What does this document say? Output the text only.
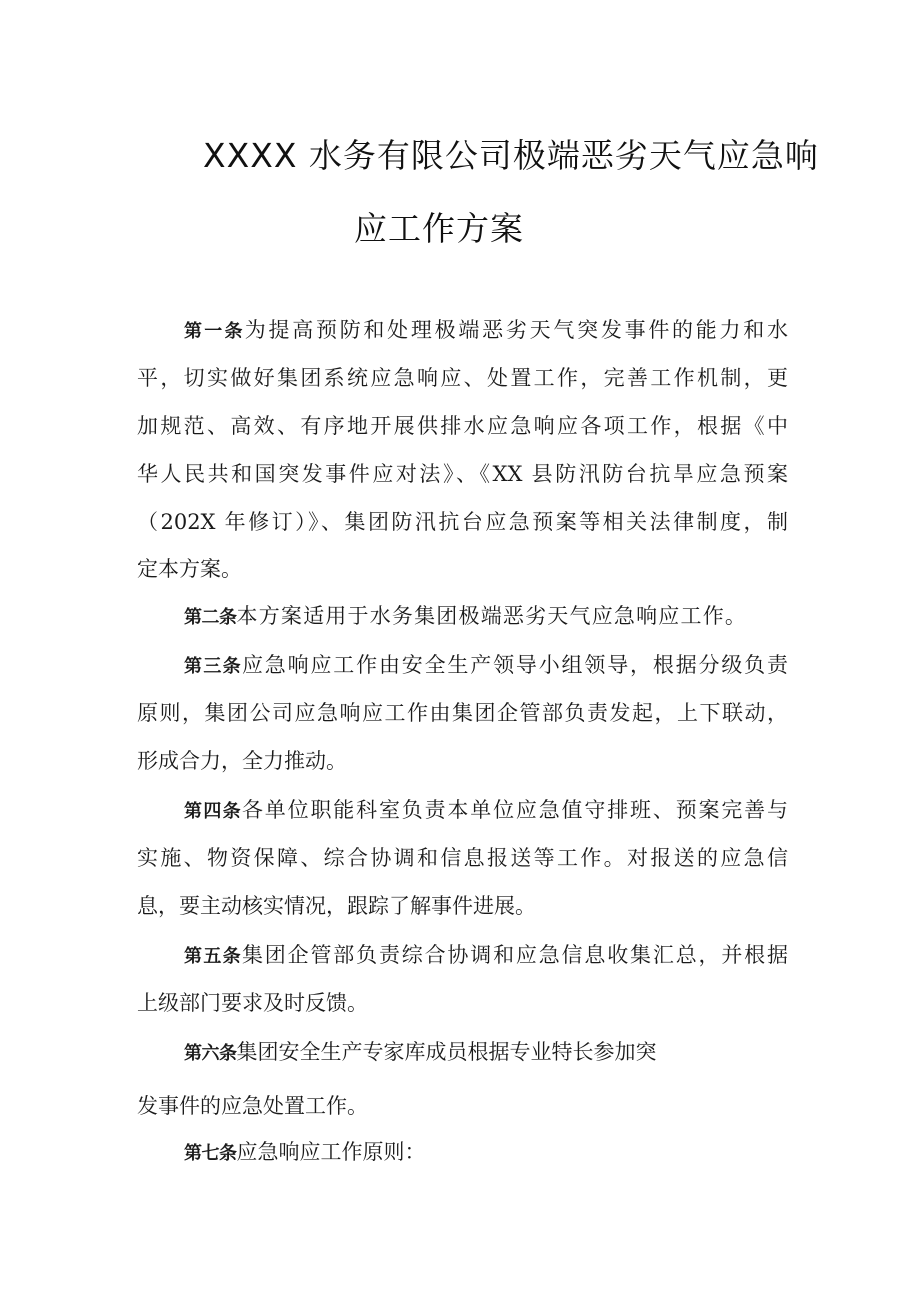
XXXX 水务有限公司极端恶劣天气应急响
应工作方案
第一条为提高预防和处理极端恶劣天气突发事件的能力和水
平，切实做好集团系统应急响应、处置工作，完善工作机制，更
加规范、高效、有序地开展供排水应急响应各项工作，根据《中
华人民共和国突发事件应对法》、《XX 县防汛防台抗旱应急预案
（202X 年修订）》、集团防汛抗台应急预案等相关法律制度，制
定本方案。
第二条本方案适用于水务集团极端恶劣天气应急响应工作。
第三条应急响应工作由安全生产领导小组领导，根据分级负责
原则，集团公司应急响应工作由集团企管部负责发起，上下联动，
形成合力，全力推动。
第四条各单位职能科室负责本单位应急值守排班、预案完善与
实施、物资保障、综合协调和信息报送等工作。对报送的应急信
息，要主动核实情况，跟踪了解事件进展。
第五条集团企管部负责综合协调和应急信息收集汇总，并根据
上级部门要求及时反馈。
第六条集团安全生产专家库成员根据专业特长参加突
发事件的应急处置工作。
第七条应急响应工作原则：
